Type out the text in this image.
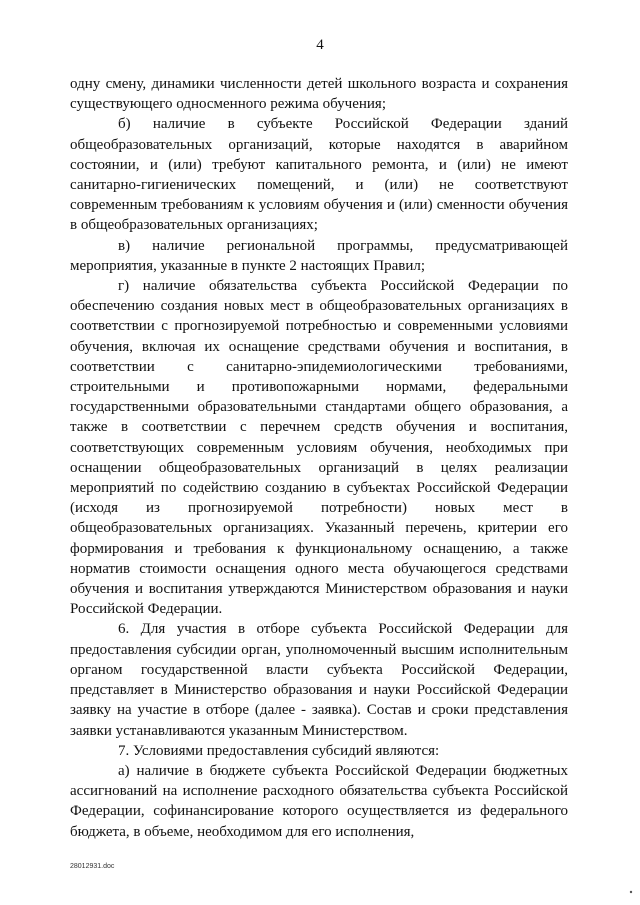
4

одну смену, динамики численности детей школьного возраста и сохранения существующего односменного режима обучения;

б) наличие в субъекте Российской Федерации зданий общеобразовательных организаций, которые находятся в аварийном состоянии, и (или) требуют капитального ремонта, и (или) не имеют санитарно-гигиенических помещений, и (или) не соответствуют современным требованиям к условиям обучения и (или) сменности обучения в общеобразовательных организациях;

в) наличие региональной программы, предусматривающей мероприятия, указанные в пункте 2 настоящих Правил;

г) наличие обязательства субъекта Российской Федерации по обеспечению создания новых мест в общеобразовательных организациях в соответствии с прогнозируемой потребностью и современными условиями обучения, включая их оснащение средствами обучения и воспитания, в соответствии с санитарно-эпидемиологическими требованиями, строительными и противопожарными нормами, федеральными государственными образовательными стандартами общего образования, а также в соответствии с перечнем средств обучения и воспитания, соответствующих современным условиям обучения, необходимых при оснащении общеобразовательных организаций в целях реализации мероприятий по содействию созданию в субъектах Российской Федерации (исходя из прогнозируемой потребности) новых мест в общеобразовательных организациях. Указанный перечень, критерии его формирования и требования к функциональному оснащению, а также норматив стоимости оснащения одного места обучающегося средствами обучения и воспитания утверждаются Министерством образования и науки Российской Федерации.

6. Для участия в отборе субъекта Российской Федерации для предоставления субсидии орган, уполномоченный высшим исполнительным органом государственной власти субъекта Российской Федерации, представляет в Министерство образования и науки Российской Федерации заявку на участие в отборе (далее - заявка). Состав и сроки представления заявки устанавливаются указанным Министерством.

7. Условиями предоставления субсидий являются:

а) наличие в бюджете субъекта Российской Федерации бюджетных ассигнований на исполнение расходного обязательства субъекта Российской Федерации, софинансирование которого осуществляется из федерального бюджета, в объеме, необходимом для его исполнения,

28012931.doc
